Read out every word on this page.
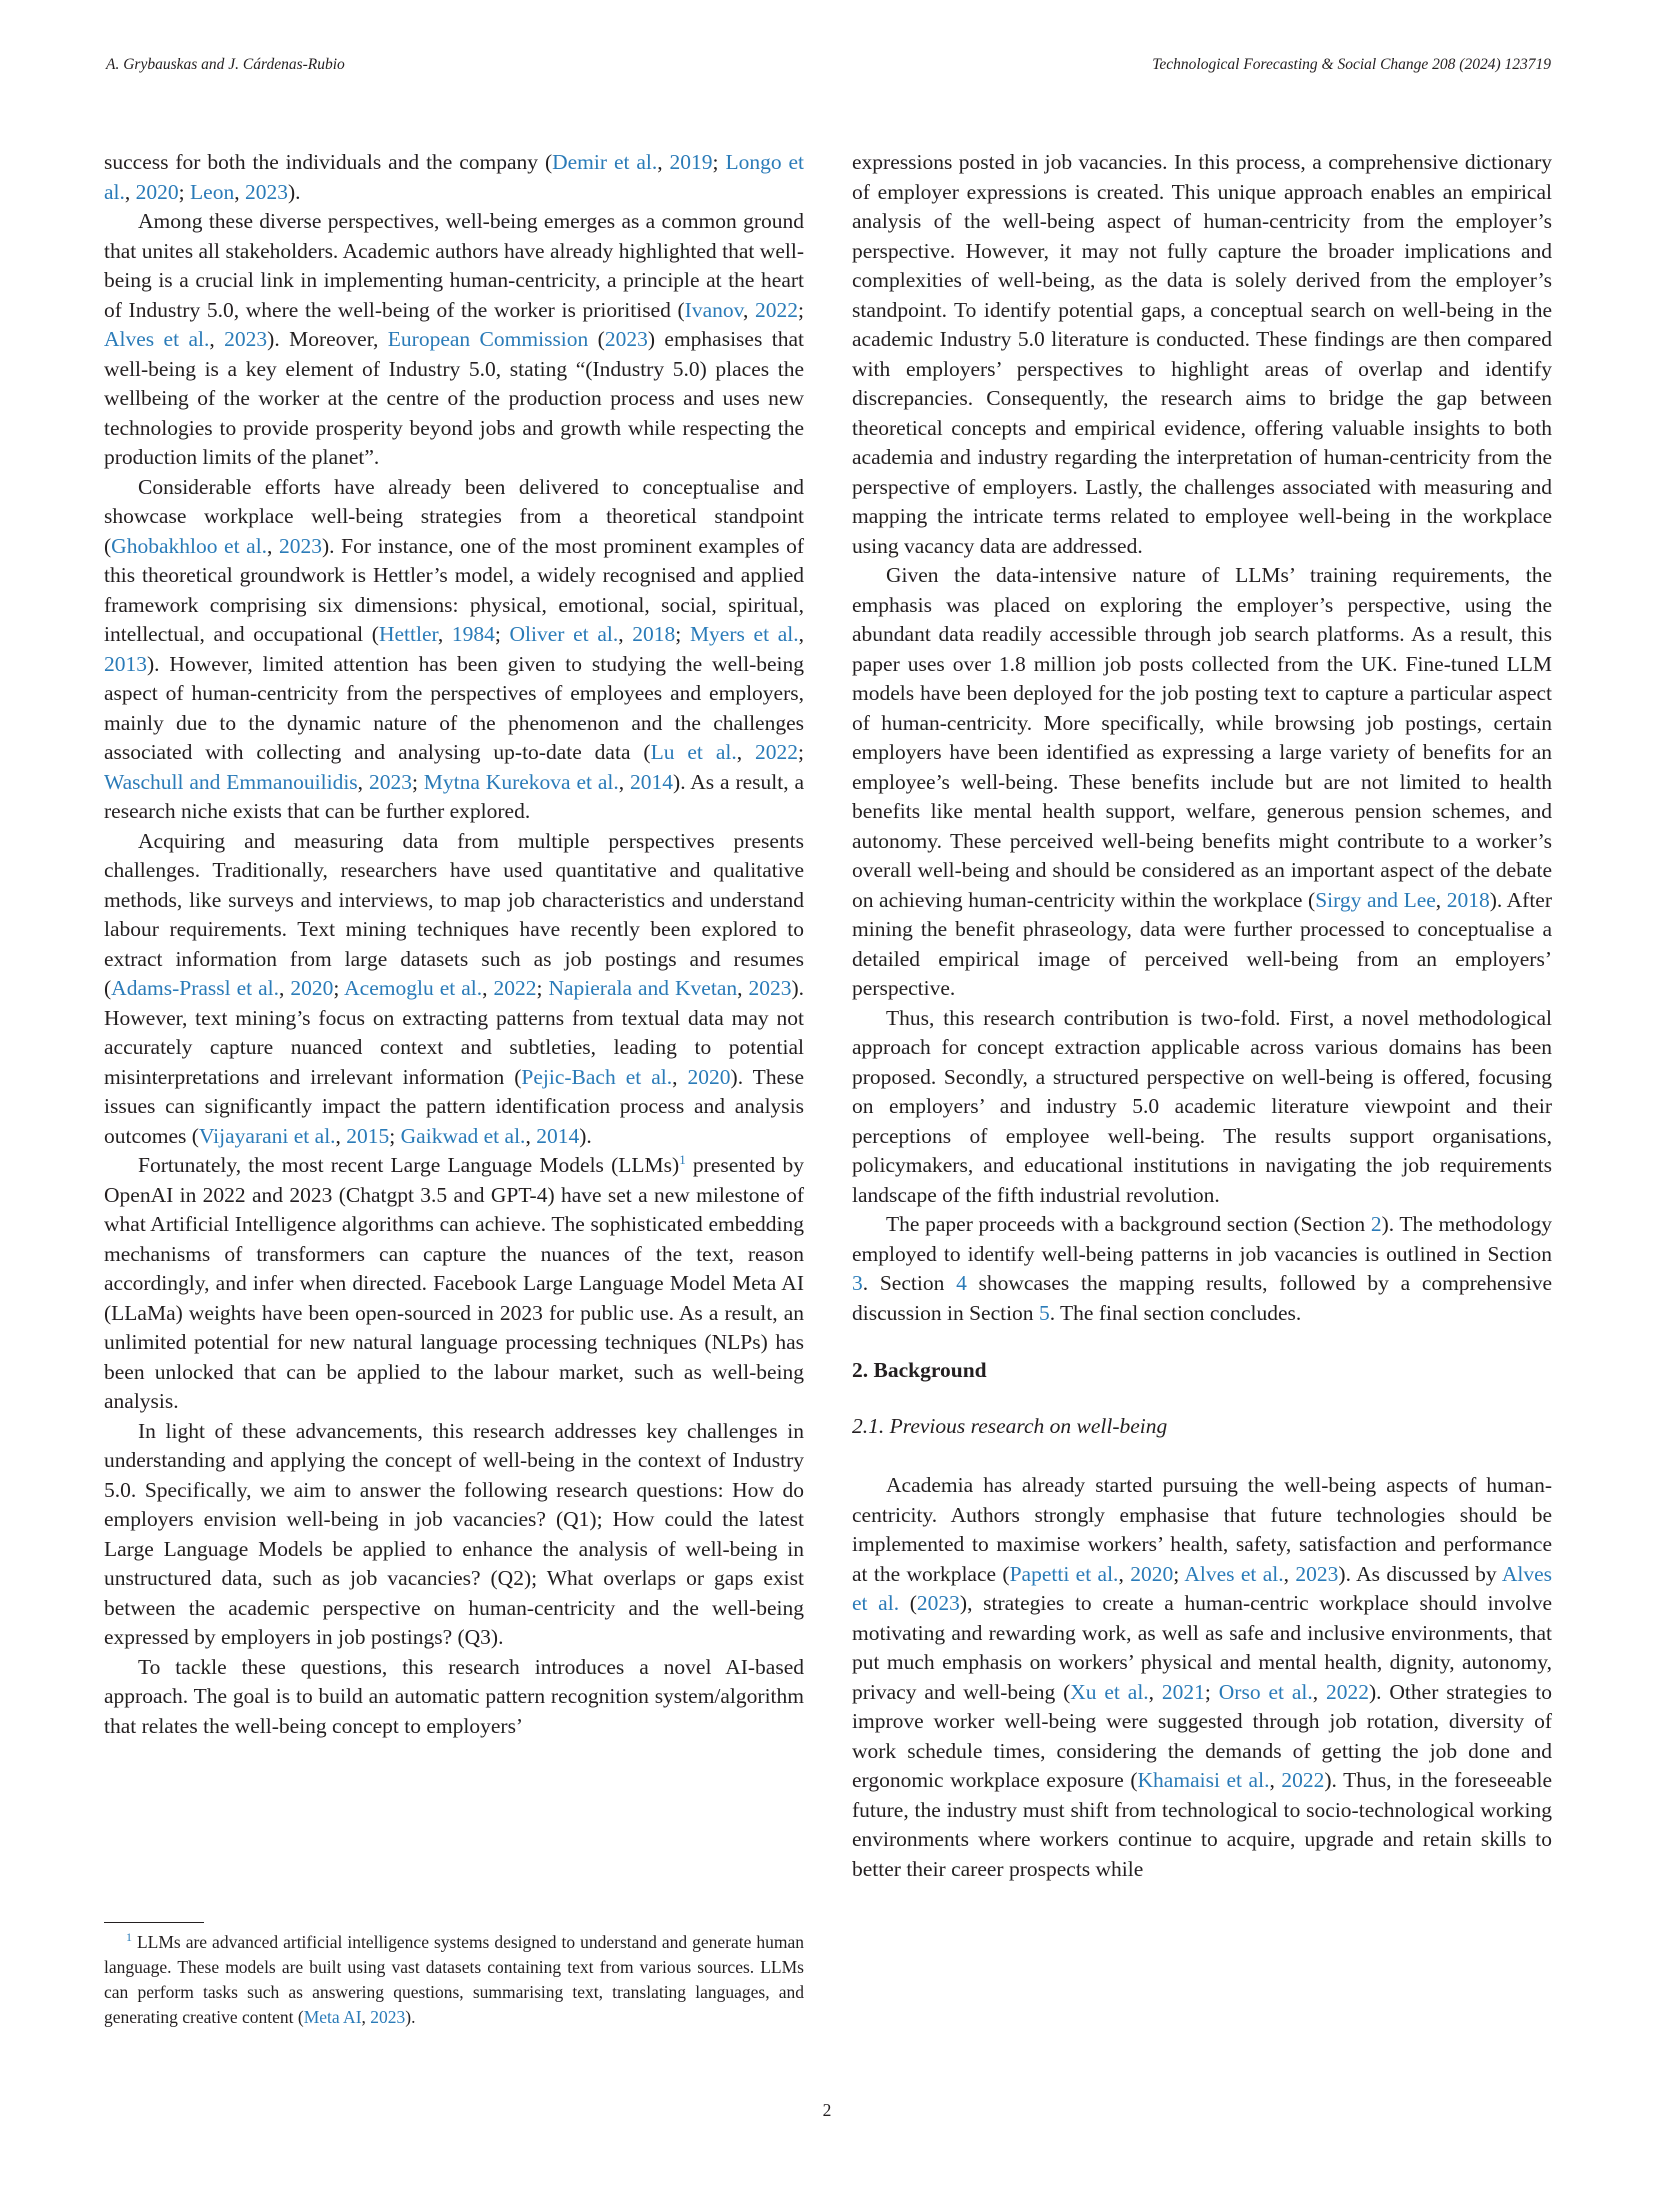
A. Grybauskas and J. Cárdenas-Rubio	Technological Forecasting & Social Change 208 (2024) 123719

success for both the individuals and the company (Demir et al., 2019; Longo et al., 2020; Leon, 2023).

Among these diverse perspectives, well-being emerges as a common ground that unites all stakeholders. Academic authors have already highlighted that well-being is a crucial link in implementing human-centricity, a principle at the heart of Industry 5.0, where the well-being of the worker is prioritised (Ivanov, 2022; Alves et al., 2023). Moreover, European Commission (2023) emphasises that well-being is a key element of Industry 5.0, stating “(Industry 5.0) places the wellbeing of the worker at the centre of the production process and uses new technologies to provide prosperity beyond jobs and growth while respecting the production limits of the planet”.

Considerable efforts have already been delivered to conceptualise and showcase workplace well-being strategies from a theoretical standpoint (Ghobakhloo et al., 2023). For instance, one of the most prominent examples of this theoretical groundwork is Hettler’s model, a widely recognised and applied framework comprising six dimensions: physical, emotional, social, spiritual, intellectual, and occupational (Hettler, 1984; Oliver et al., 2018; Myers et al., 2013). However, limited attention has been given to studying the well-being aspect of human-centricity from the perspectives of employees and employers, mainly due to the dynamic nature of the phenomenon and the challenges associated with collecting and analysing up-to-date data (Lu et al., 2022; Waschull and Emmanouilidis, 2023; Mytna Kurekova et al., 2014). As a result, a research niche exists that can be further explored.

Acquiring and measuring data from multiple perspectives presents challenges. Traditionally, researchers have used quantitative and qualitative methods, like surveys and interviews, to map job characteristics and understand labour requirements. Text mining techniques have recently been explored to extract information from large datasets such as job postings and resumes (Adams-Prassl et al., 2020; Acemoglu et al., 2022; Napierala and Kvetan, 2023). However, text mining’s focus on extracting patterns from textual data may not accurately capture nuanced context and subtleties, leading to potential misinterpretations and irrelevant information (Pejic-Bach et al., 2020). These issues can significantly impact the pattern identification process and analysis outcomes (Vijayarani et al., 2015; Gaikwad et al., 2014).

Fortunately, the most recent Large Language Models (LLMs)$^1$ presented by OpenAI in 2022 and 2023 (Chatgpt 3.5 and GPT-4) have set a new milestone of what Artificial Intelligence algorithms can achieve. The sophisticated embedding mechanisms of transformers can capture the nuances of the text, reason accordingly, and infer when directed. Facebook Large Language Model Meta AI (LLaMa) weights have been open-sourced in 2023 for public use. As a result, an unlimited potential for new natural language processing techniques (NLPs) has been unlocked that can be applied to the labour market, such as well-being analysis.

In light of these advancements, this research addresses key challenges in understanding and applying the concept of well-being in the context of Industry 5.0. Specifically, we aim to answer the following research questions: How do employers envision well-being in job vacancies? (Q1); How could the latest Large Language Models be applied to enhance the analysis of well-being in unstructured data, such as job vacancies? (Q2); What overlaps or gaps exist between the academic perspective on human-centricity and the well-being expressed by employers in job postings? (Q3).

To tackle these questions, this research introduces a novel AI-based approach. The goal is to build an automatic pattern recognition system/algorithm that relates the well-being concept to employers’

expressions posted in job vacancies. In this process, a comprehensive dictionary of employer expressions is created. This unique approach enables an empirical analysis of the well-being aspect of human-centricity from the employer’s perspective. However, it may not fully capture the broader implications and complexities of well-being, as the data is solely derived from the employer’s standpoint. To identify potential gaps, a conceptual search on well-being in the academic Industry 5.0 literature is conducted. These findings are then compared with employers’ perspectives to highlight areas of overlap and identify discrepancies. Consequently, the research aims to bridge the gap between theoretical concepts and empirical evidence, offering valuable insights to both academia and industry regarding the interpretation of human-centricity from the perspective of employers. Lastly, the challenges associated with measuring and mapping the intricate terms related to employee well-being in the workplace using vacancy data are addressed.

Given the data-intensive nature of LLMs’ training requirements, the emphasis was placed on exploring the employer’s perspective, using the abundant data readily accessible through job search platforms. As a result, this paper uses over 1.8 million job posts collected from the UK. Fine-tuned LLM models have been deployed for the job posting text to capture a particular aspect of human-centricity. More specifically, while browsing job postings, certain employers have been identified as expressing a large variety of benefits for an employee’s well-being. These benefits include but are not limited to health benefits like mental health support, welfare, generous pension schemes, and autonomy. These perceived well-being benefits might contribute to a worker’s overall well-being and should be considered as an important aspect of the debate on achieving human-centricity within the workplace (Sirgy and Lee, 2018). After mining the benefit phraseology, data were further processed to conceptualise a detailed empirical image of perceived well-being from an employers’ perspective.

Thus, this research contribution is two-fold. First, a novel methodological approach for concept extraction applicable across various domains has been proposed. Secondly, a structured perspective on well-being is offered, focusing on employers’ and industry 5.0 academic literature viewpoint and their perceptions of employee well-being. The results support organisations, policymakers, and educational institutions in navigating the job requirements landscape of the fifth industrial revolution.

The paper proceeds with a background section (Section 2). The methodology employed to identify well-being patterns in job vacancies is outlined in Section 3. Section 4 showcases the mapping results, followed by a comprehensive discussion in Section 5. The final section concludes.

2. Background
2.1. Previous research on well-being

Academia has already started pursuing the well-being aspects of human-centricity. Authors strongly emphasise that future technologies should be implemented to maximise workers’ health, safety, satisfaction and performance at the workplace (Papetti et al., 2020; Alves et al., 2023). As discussed by Alves et al. (2023), strategies to create a human-centric workplace should involve motivating and rewarding work, as well as safe and inclusive environments, that put much emphasis on workers’ physical and mental health, dignity, autonomy, privacy and well-being (Xu et al., 2021; Orso et al., 2022). Other strategies to improve worker well-being were suggested through job rotation, diversity of work schedule times, considering the demands of getting the job done and ergonomic workplace exposure (Khamaisi et al., 2022). Thus, in the foreseeable future, the industry must shift from technological to socio-technological working environments where workers continue to acquire, upgrade and retain skills to better their career prospects while

$^1$ LLMs are advanced artificial intelligence systems designed to understand and generate human language. These models are built using vast datasets containing text from various sources. LLMs can perform tasks such as answering questions, summarising text, translating languages, and generating creative content (Meta AI, 2023).
2
